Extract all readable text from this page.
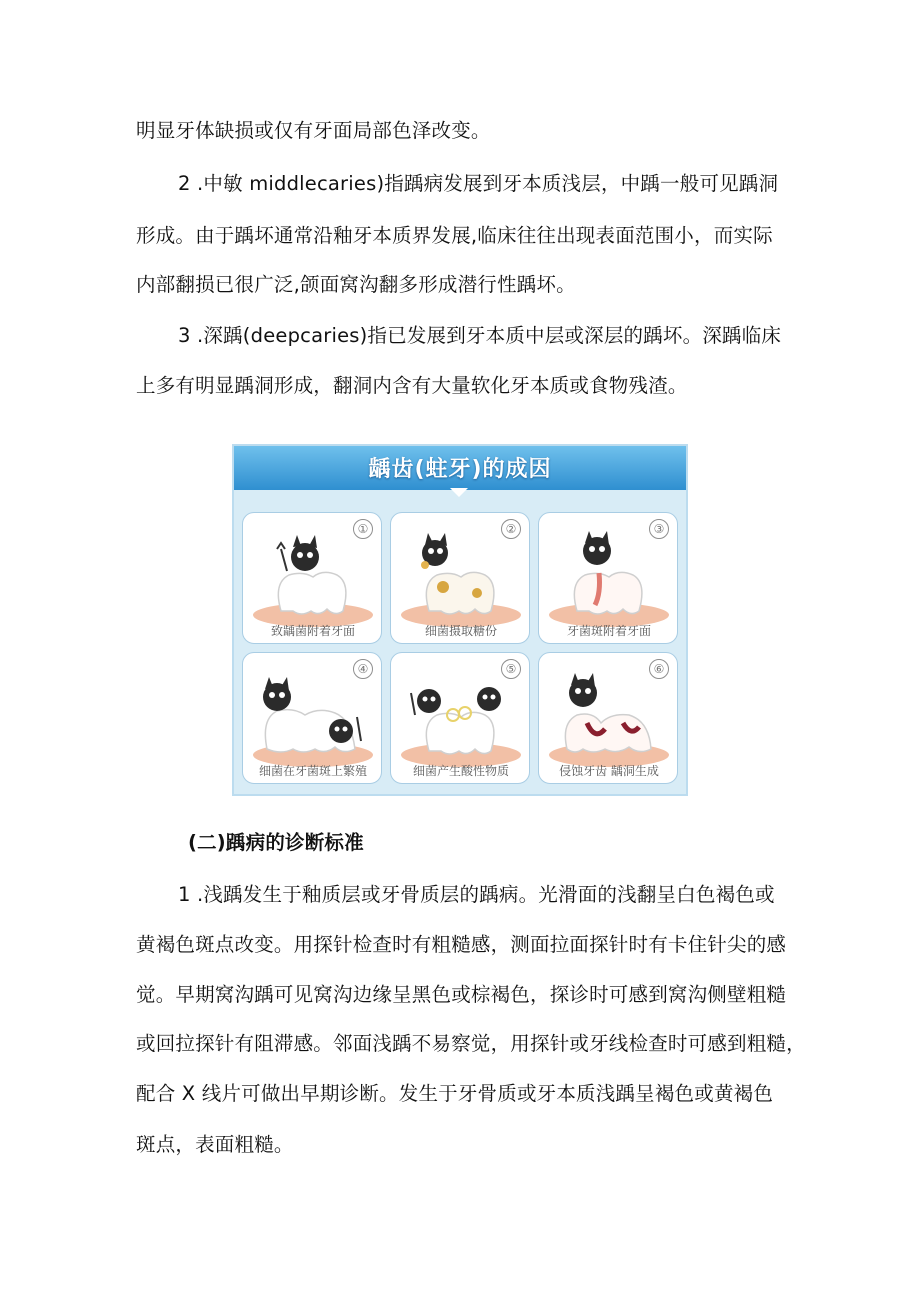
明显牙体缺损或仅有牙面局部色泽改变。
2 .中敏 middlecaries)指踽病发展到牙本质浅层，中踽一般可见踽洞
形成。由于踽坏通常沿釉牙本质界发展,临床往往出现表面范围小，而实际
内部翻损已很广泛,颌面窝沟翻多形成潜行性踽坏。
3 .深踽(deepcaries)指已发展到牙本质中层或深层的踽坏。深踽临床
上多有明显踽洞形成，翻洞内含有大量软化牙本质或食物残渣。
龋齿(蛀牙)的成因
①
致龋菌附着牙面
②
细菌摄取糖份
③
牙菌斑附着牙面
④
细菌在牙菌斑上繁殖
⑤
细菌产生酸性物质
⑥
侵蚀牙齿 龋洞生成
(二)踽病的诊断标准
1 .浅踽发生于釉质层或牙骨质层的踽病。光滑面的浅翻呈白色褐色或
黄褐色斑点改变。用探针检查时有粗糙感，测面拉面探针时有卡住针尖的感
觉。早期窝沟踽可见窝沟边缘呈黑色或棕褐色，探诊时可感到窝沟侧壁粗糙
或回拉探针有阻滞感。邻面浅踽不易察觉，用探针或牙线检查时可感到粗糙，
配合 X 线片可做出早期诊断。发生于牙骨质或牙本质浅踽呈褐色或黄褐色
斑点，表面粗糙。
